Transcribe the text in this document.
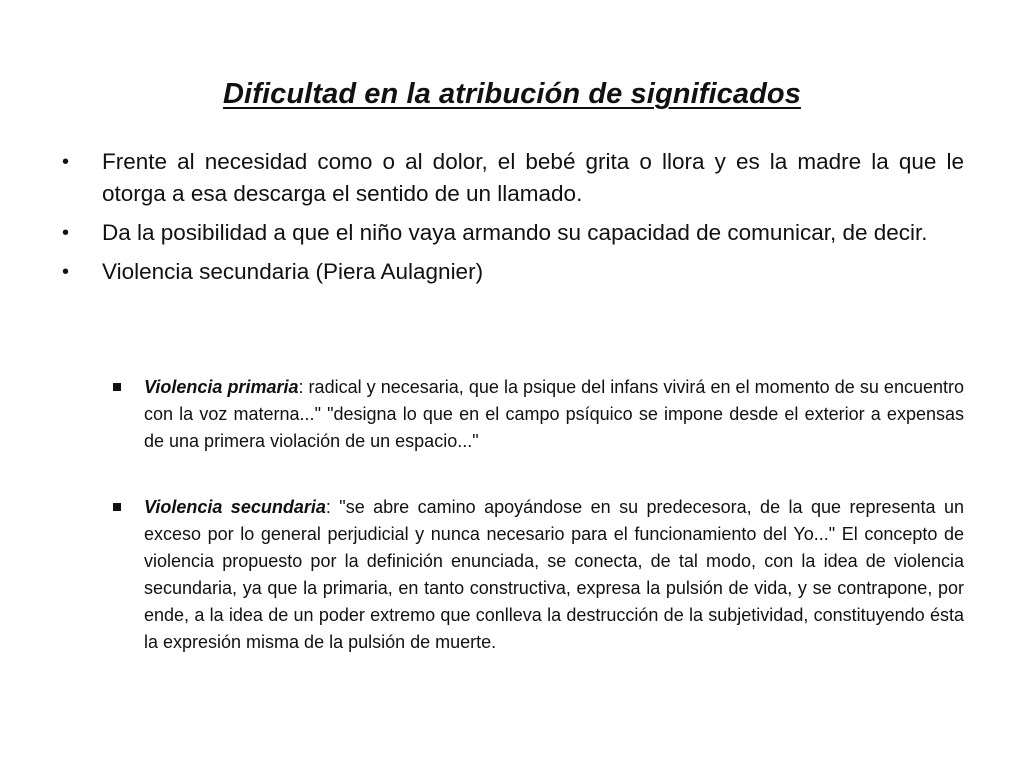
Dificultad en la atribución de significados
• Frente al necesidad como o al dolor, el bebé grita o llora y es la madre la que le otorga a esa descarga el sentido de un llamado.
• Da la posibilidad a que el niño vaya armando su capacidad de comunicar, de decir.
• Violencia secundaria (Piera Aulagnier)
Violencia primaria: radical y necesaria, que la psique del infans vivirá en el momento de su encuentro con la voz materna..." "designa lo que en el campo psíquico se impone desde el exterior a expensas de una primera violación de un espacio..."
Violencia secundaria: "se abre camino apoyándose en su predecesora, de la que representa un exceso por lo general perjudicial y nunca necesario para el funcionamiento del Yo..." El concepto de violencia propuesto por la definición enunciada, se conecta, de tal modo, con la idea de violencia secundaria, ya que la primaria, en tanto constructiva, expresa la pulsión de vida, y se contrapone, por ende, a la idea de un poder extremo que conlleva la destrucción de la subjetividad, constituyendo ésta la expresión misma de la pulsión de muerte.
